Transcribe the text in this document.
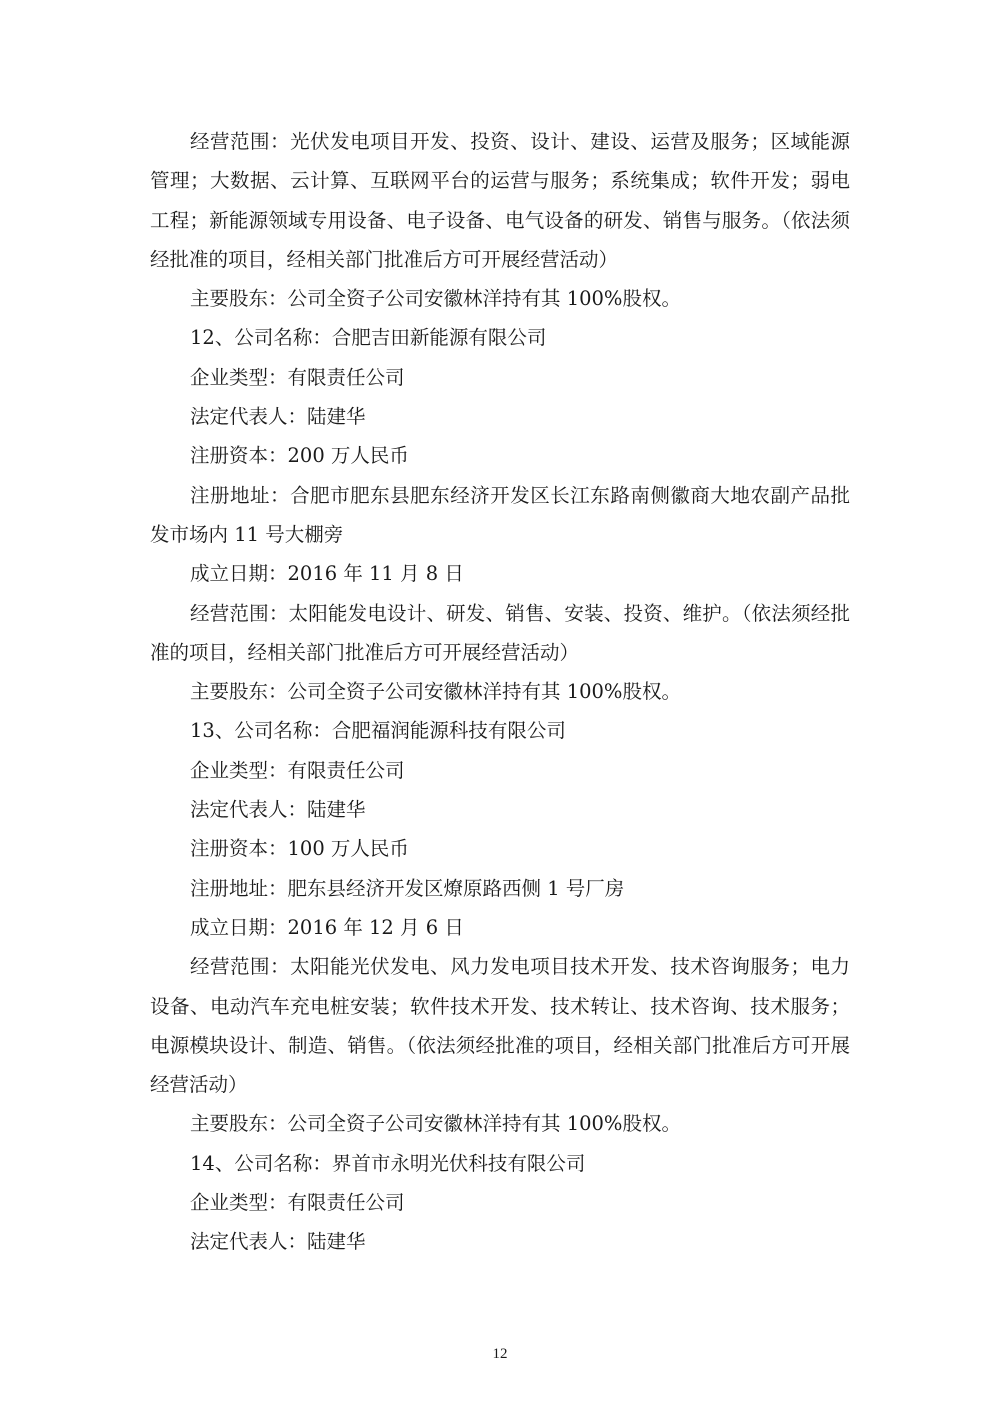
经营范围：光伏发电项目开发、投资、设计、建设、运营及服务；区域能源管理；大数据、云计算、互联网平台的运营与服务；系统集成；软件开发；弱电工程；新能源领域专用设备、电子设备、电气设备的研发、销售与服务。（依法须经批准的项目，经相关部门批准后方可开展经营活动）

主要股东：公司全资子公司安徽林洋持有其 100%股权。

12、公司名称：合肥吉田新能源有限公司

企业类型：有限责任公司

法定代表人：陆建华

注册资本：200 万人民币

注册地址：合肥市肥东县肥东经济开发区长江东路南侧徽商大地农副产品批发市场内 11 号大棚旁

成立日期：2016 年 11 月 8 日

经营范围：太阳能发电设计、研发、销售、安装、投资、维护。（依法须经批准的项目，经相关部门批准后方可开展经营活动）

主要股东：公司全资子公司安徽林洋持有其 100%股权。

13、公司名称：合肥福润能源科技有限公司

企业类型：有限责任公司

法定代表人：陆建华

注册资本：100 万人民币

注册地址：肥东县经济开发区燎原路西侧 1 号厂房

成立日期：2016 年 12 月 6 日

经营范围：太阳能光伏发电、风力发电项目技术开发、技术咨询服务；电力设备、电动汽车充电桩安装；软件技术开发、技术转让、技术咨询、技术服务；电源模块设计、制造、销售。（依法须经批准的项目，经相关部门批准后方可开展经营活动）

主要股东：公司全资子公司安徽林洋持有其 100%股权。

14、公司名称：界首市永明光伏科技有限公司

企业类型：有限责任公司

法定代表人：陆建华

12
